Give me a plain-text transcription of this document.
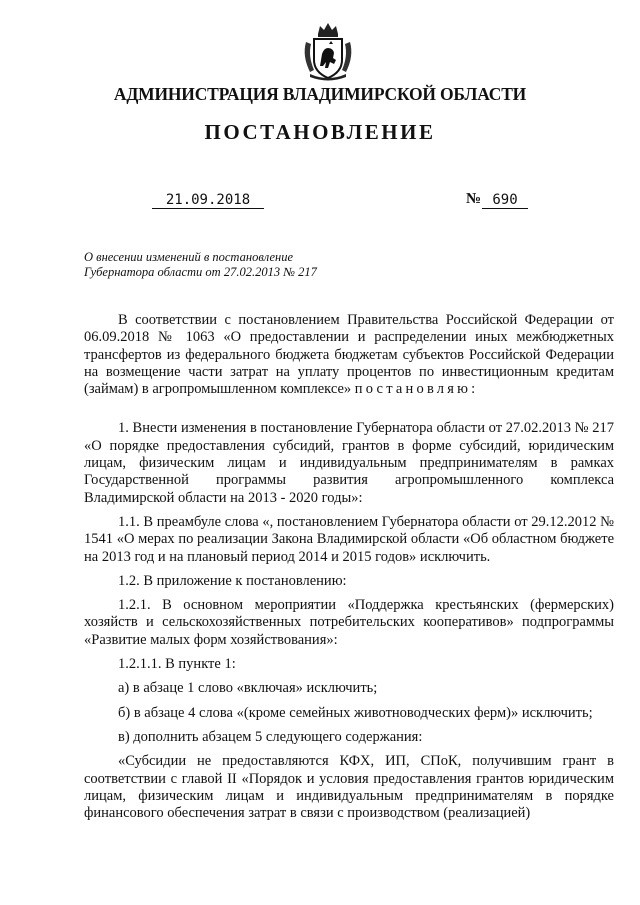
АДМИНИСТРАЦИЯ ВЛАДИМИРСКОЙ ОБЛАСТИ
ПОСТАНОВЛЕНИЕ
21.09.2018	№ 690
О внесении изменений в постановление
Губернатора области от 27.02.2013 № 217

В соответствии с постановлением Правительства Российской Федерации от 06.09.2018 № 1063 «О предоставлении и распределении иных межбюджетных трансфертов из федерального бюджета бюджетам субъектов Российской Федерации на возмещение части затрат на уплату процентов по инвестиционным кредитам (займам) в агропромышленном комплексе» постановляю:

1. Внести изменения в постановление Губернатора области от 27.02.2013 № 217 «О порядке предоставления субсидий, грантов в форме субсидий, юридическим лицам, физическим лицам и индивидуальным предпринимателям в рамках Государственной программы развития агропромышленного комплекса Владимирской области на 2013 - 2020 годы»:

1.1. В преамбуле слова «, постановлением Губернатора области от 29.12.2012 № 1541 «О мерах по реализации Закона Владимирской области «Об областном бюджете на 2013 год и на плановый период 2014 и 2015 годов» исключить.

1.2. В приложение к постановлению:

1.2.1. В основном мероприятии «Поддержка крестьянских (фермерских) хозяйств и сельскохозяйственных потребительских кооперативов» подпрограммы «Развитие малых форм хозяйствования»:

1.2.1.1. В пункте 1:

а) в абзаце 1 слово «включая» исключить;

б) в абзаце 4 слова «(кроме семейных животноводческих ферм)» исключить;

в) дополнить абзацем 5 следующего содержания:

«Субсидии не предоставляются КФХ, ИП, СПоК, получившим грант в соответствии с главой II «Порядок и условия предоставления грантов юридическим лицам, физическим лицам и индивидуальным предпринимателям в порядке финансового обеспечения затрат в связи с производством (реализацией)
